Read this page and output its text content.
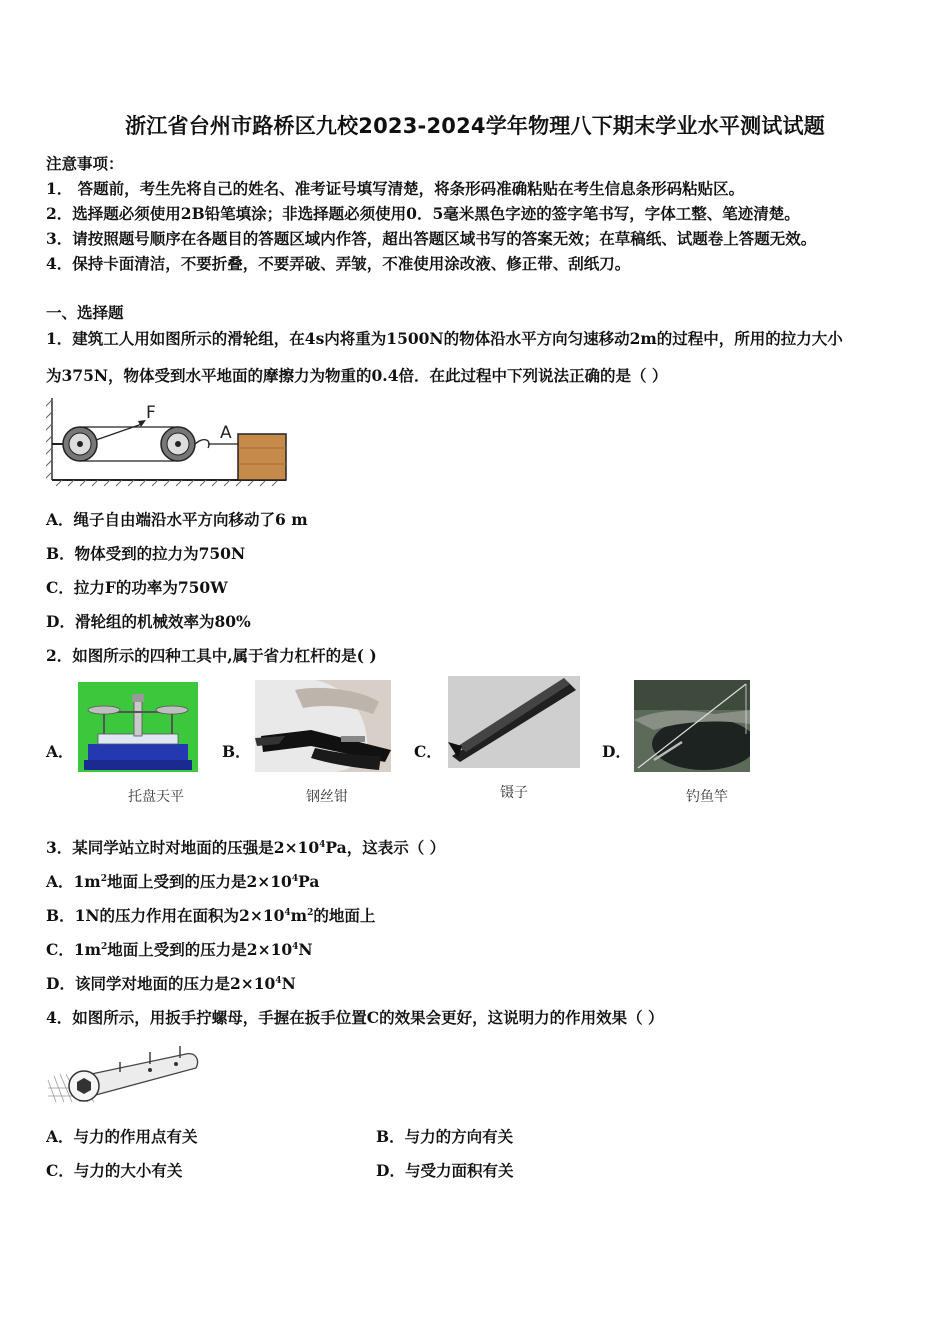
浙江省台州市路桥区九校2023-2024学年物理八下期末学业水平测试试题
注意事项：
1． 答题前，考生先将自己的姓名、准考证号填写清楚，将条形码准确粘贴在考生信息条形码粘贴区。
2．选择题必须使用2B铅笔填涂；非选择题必须使用0．5毫米黑色字迹的签字笔书写，字体工整、笔迹清楚。
3．请按照题号顺序在各题目的答题区域内作答，超出答题区域书写的答案无效；在草稿纸、试题卷上答题无效。
4．保持卡面清洁，不要折叠，不要弄破、弄皱，不准使用涂改液、修正带、刮纸刀。
一、选择题
1．建筑工人用如图所示的滑轮组，在4s内将重为1500N的物体沿水平方向匀速移动2m的过程中，所用的拉力大小
为375N，物体受到水平地面的摩擦力为物重的0.4倍．在此过程中下列说法正确的是（ ）
F
A
A．绳子自由端沿水平方向移动了6 m
B．物体受到的拉力为750N
C．拉力F的功率为750W
D．滑轮组的机械效率为80%
2．如图所示的四种工具中,属于省力杠杆的是( )
A．
托盘天平
B．
钢丝钳
C．
镊子
D．
钓鱼竿
3．某同学站立时对地面的压强是$2\times 10^4Pa$，这表示（ ）
A．$1m^2$地面上受到的压力是$2\times 10^4Pa$
B．1N的压力作用在面积为$2\times 10^4m^2$的地面上
C．$1m^2$地面上受到的压力是$2\times 10^4N$
D．该同学对地面的压力是$2\times 10^4N$
4．如图所示，用扳手拧螺母，手握在扳手位置C的效果会更好，这说明力的作用效果（ ）
A．与力的作用点有关	B．与力的方向有关
C．与力的大小有关	D．与受力面积有关
